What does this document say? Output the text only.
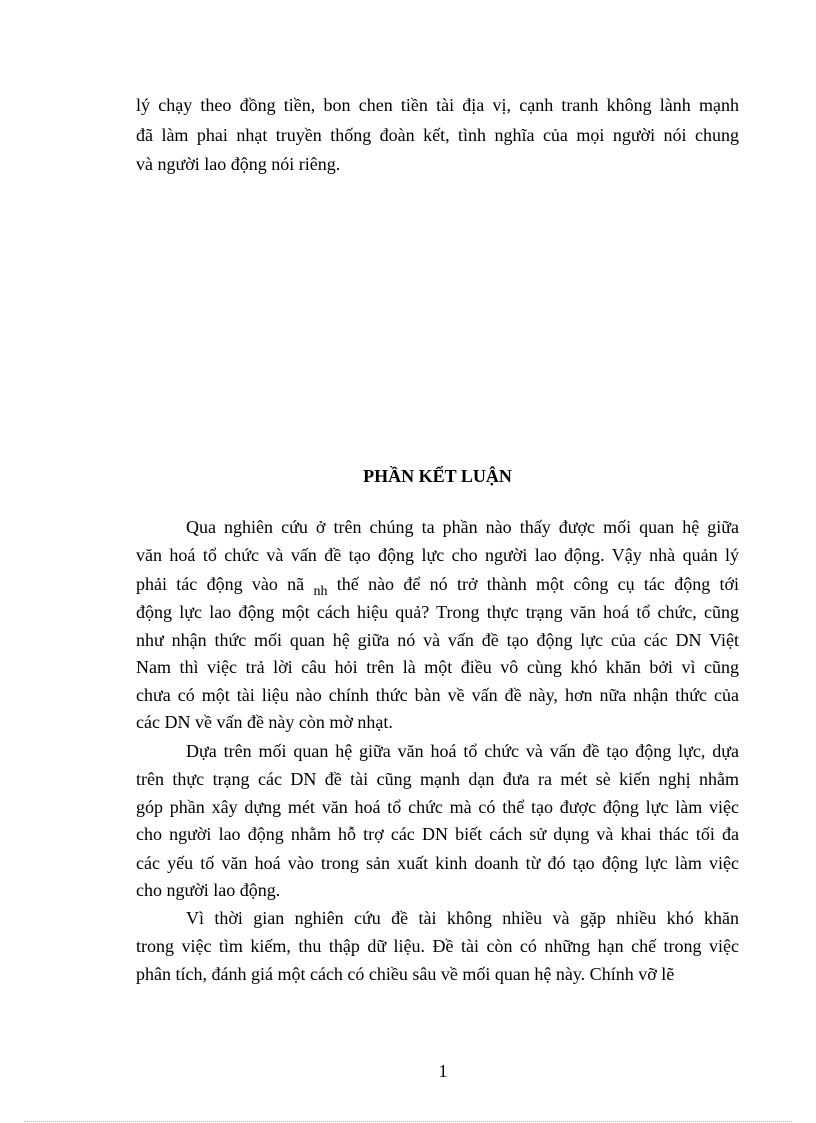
lý chạy theo đồng tiền, bon chen tiền tài địa vị, cạnh tranh không lành mạnh
đã làm phai nhạt truyền thống đoàn kết, tình nghĩa của mọi người nói chung
và người lao động nói riêng.
PHẦN KẾT LUẬN
Qua nghiên cứu ở trên chúng ta phần nào thấy được mối quan hệ giữa
văn hoá tổ chức và vấn đề tạo động lực cho người lao động. Vậy nhà quản lý
phải tác động vào nã $_{nh}$ thế nào để nó trở thành một công cụ tác động tới
động lực lao động một cách hiệu quả? Trong thực trạng văn hoá tổ chức, cũng
như nhận thức mối quan hệ giữa nó và vấn đề tạo động lực của các DN Việt
Nam thì việc trả lời câu hỏi trên là một điều vô cùng khó khăn bởi vì cũng
chưa có một tài liệu nào chính thức bàn về vấn đề này, hơn nữa nhận thức của
các DN về vấn đề này còn mờ nhạt.
Dựa trên mối quan hệ giữa văn hoá tổ chức và vấn đề tạo động lực, dựa
trên thực trạng các DN đề tài cũng mạnh dạn đưa ra mét sè kiến nghị nhằm
góp phần xây dựng mét văn hoá tổ chức mà có thể tạo được động lực làm việc
cho người lao động nhằm hỗ trợ các DN biết cách sử dụng và khai thác tối đa
các yếu tố văn hoá vào trong sản xuất kinh doanh từ đó tạo động lực làm việc
cho người lao động.
Vì thời gian nghiên cứu đề tài không nhiều và gặp nhiều khó khăn
trong việc tìm kiếm, thu thập dữ liệu. Đề tài còn có những hạn chế trong việc
phân tích, đánh giá một cách có chiều sâu về mối quan hệ này. Chính vỡ lẽ
1
